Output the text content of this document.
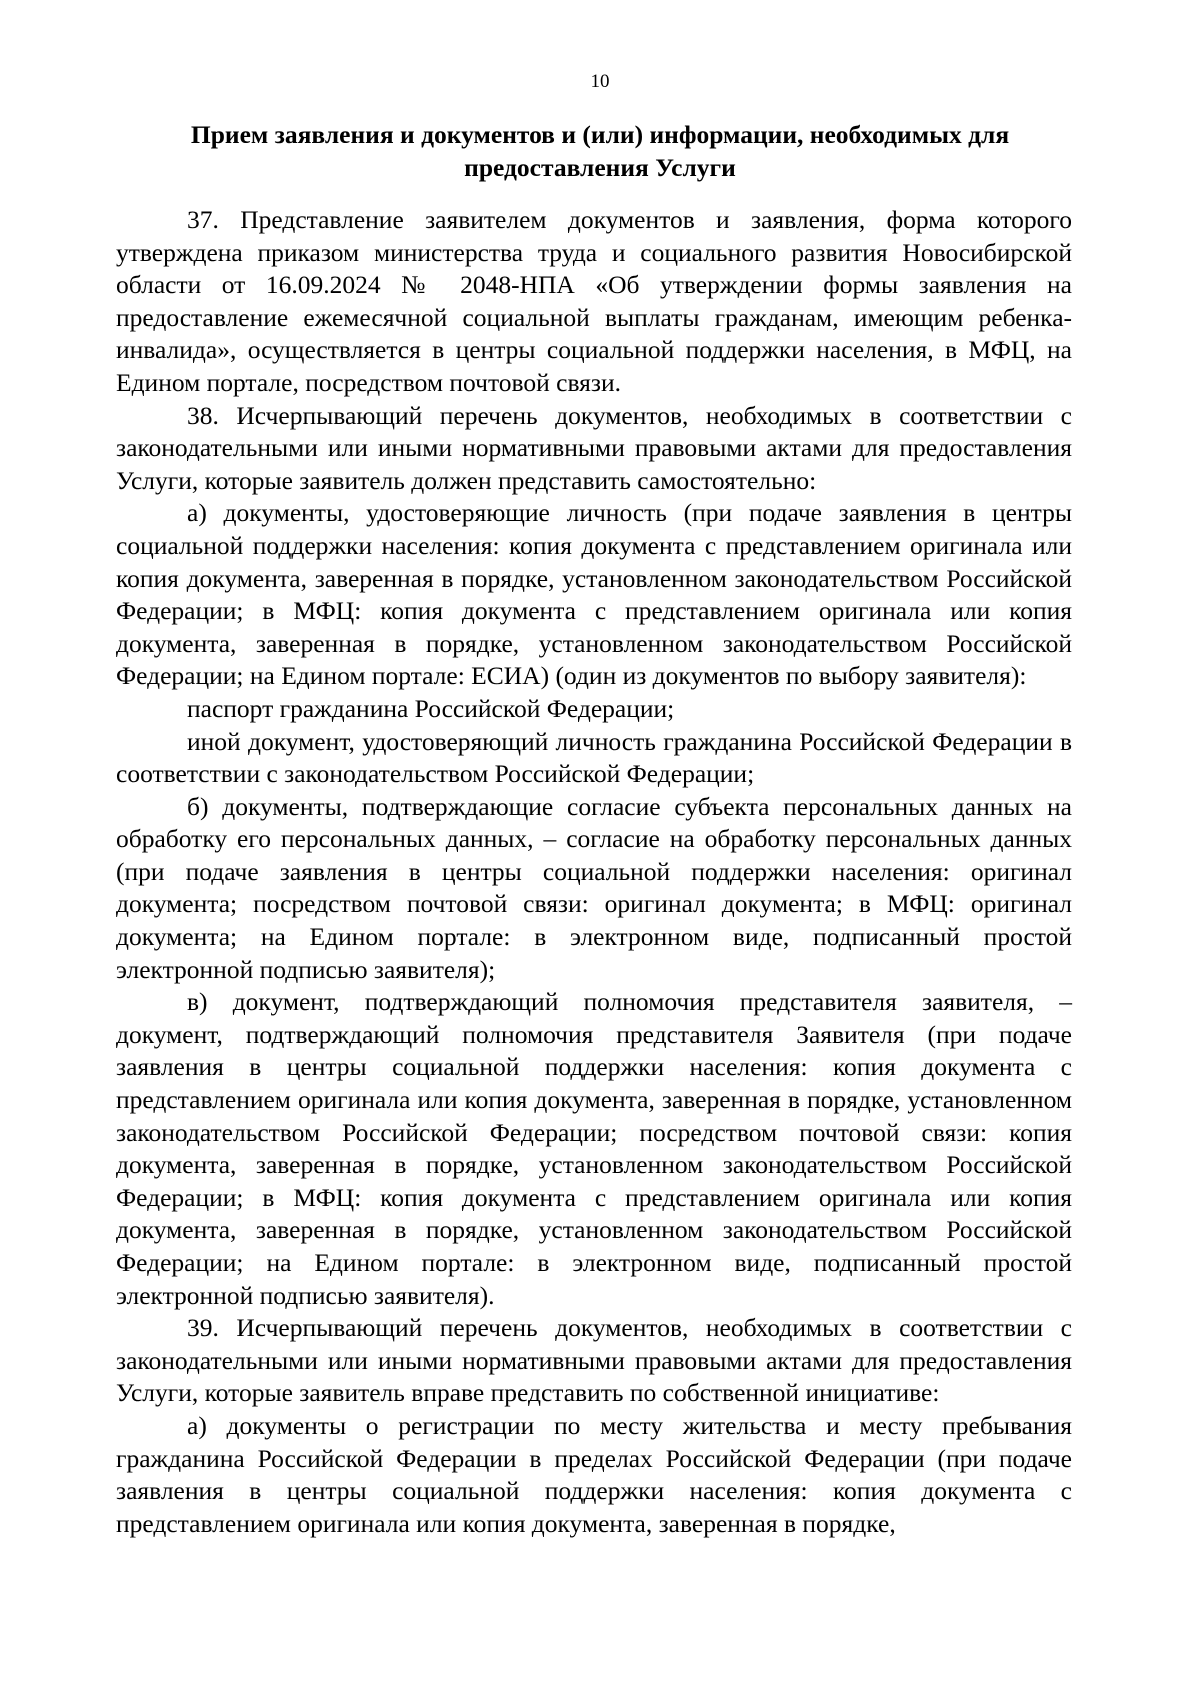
10
Прием заявления и документов и (или) информации, необходимых для
предоставления Услуги

37. Представление заявителем документов и заявления, форма которого утверждена приказом министерства труда и социального развития Новосибирской области от 16.09.2024 № 2048-НПА «Об утверждении формы заявления на предоставление ежемесячной социальной выплаты гражданам, имеющим ребенка-инвалида», осуществляется в центры социальной поддержки населения, в МФЦ, на Едином портале, посредством почтовой связи.

38. Исчерпывающий перечень документов, необходимых в соответствии с законодательными или иными нормативными правовыми актами для предоставления Услуги, которые заявитель должен представить самостоятельно:

а) документы, удостоверяющие личность (при подаче заявления в центры социальной поддержки населения: копия документа с представлением оригинала или копия документа, заверенная в порядке, установленном законодательством Российской Федерации; в МФЦ: копия документа с представлением оригинала или копия документа, заверенная в порядке, установленном законодательством Российской Федерации; на Едином портале: ЕСИА) (один из документов по выбору заявителя):

паспорт гражданина Российской Федерации;

иной документ, удостоверяющий личность гражданина Российской Федерации в соответствии с законодательством Российской Федерации;

б) документы, подтверждающие согласие субъекта персональных данных на обработку его персональных данных, – согласие на обработку персональных данных (при подаче заявления в центры социальной поддержки населения: оригинал документа; посредством почтовой связи: оригинал документа; в МФЦ: оригинал документа; на Едином портале: в электронном виде, подписанный простой электронной подписью заявителя);

в) документ, подтверждающий полномочия представителя заявителя, – документ, подтверждающий полномочия представителя Заявителя (при подаче заявления в центры социальной поддержки населения: копия документа с представлением оригинала или копия документа, заверенная в порядке, установленном законодательством Российской Федерации; посредством почтовой связи: копия документа, заверенная в порядке, установленном законодательством Российской Федерации; в МФЦ: копия документа с представлением оригинала или копия документа, заверенная в порядке, установленном законодательством Российской Федерации; на Едином портале: в электронном виде, подписанный простой электронной подписью заявителя).

39. Исчерпывающий перечень документов, необходимых в соответствии с законодательными или иными нормативными правовыми актами для предоставления Услуги, которые заявитель вправе представить по собственной инициативе:

а) документы о регистрации по месту жительства и месту пребывания гражданина Российской Федерации в пределах Российской Федерации (при подаче заявления в центры социальной поддержки населения: копия документа с представлением оригинала или копия документа, заверенная в порядке,
